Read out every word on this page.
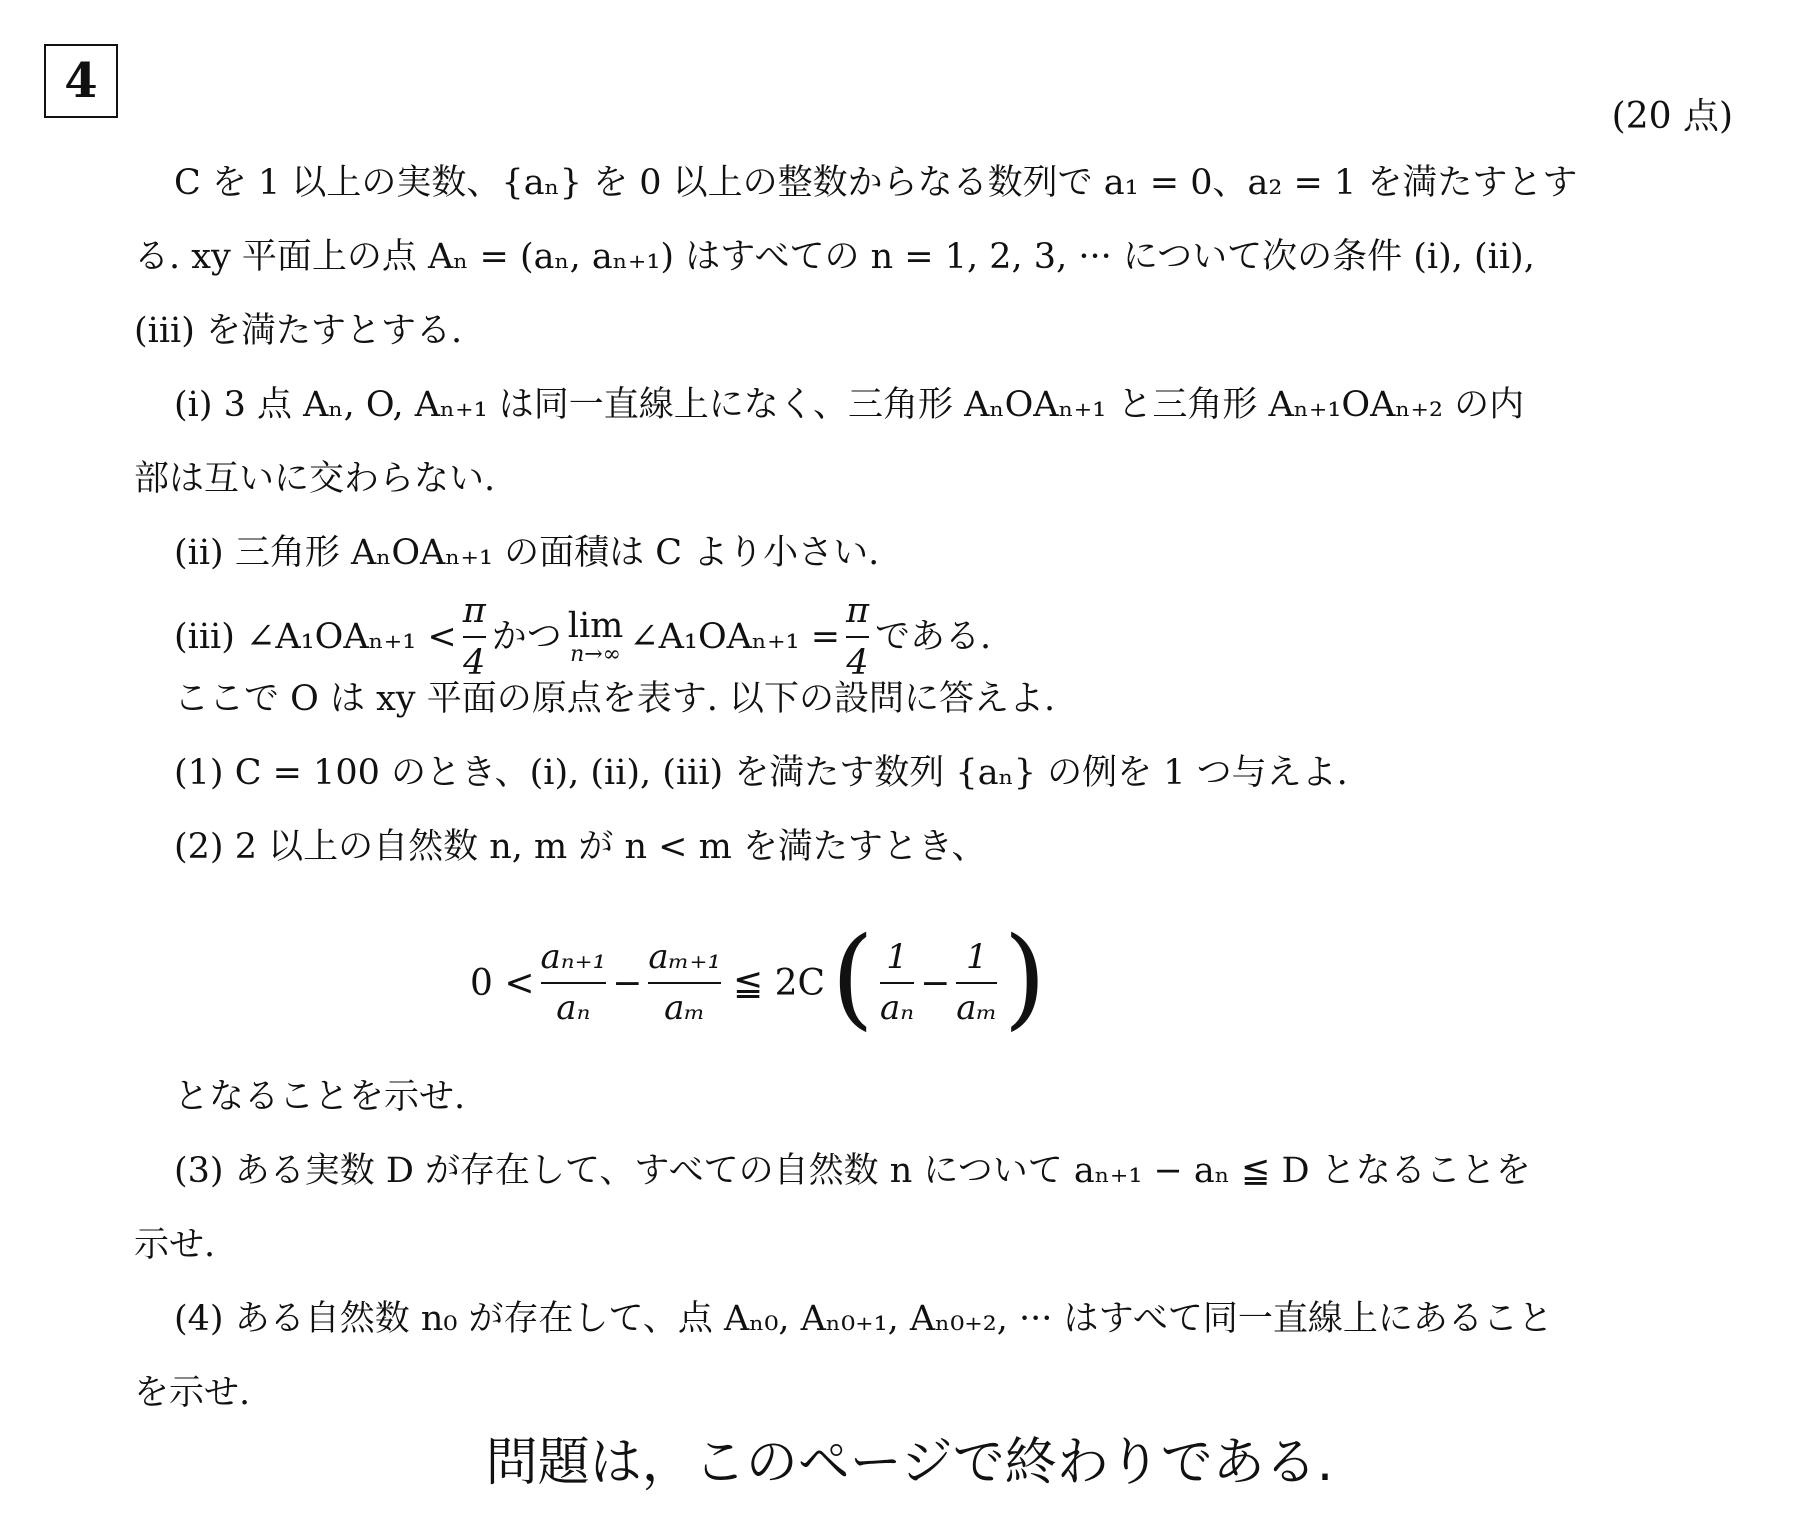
4
(20 点)
C を 1 以上の実数、{aₙ} を 0 以上の整数からなる数列で a₁ = 0、a₂ = 1 を満たすとす
る. xy 平面上の点 Aₙ = (aₙ, aₙ₊₁) はすべての n = 1, 2, 3, ··· について次の条件 (i), (ii),
(iii) を満たすとする.
(i) 3 点 Aₙ, O, Aₙ₊₁ は同一直線上になく、三角形 AₙOAₙ₊₁ と三角形 Aₙ₊₁OAₙ₊₂ の内
部は互いに交わらない.
(ii) 三角形 AₙOAₙ₊₁ の面積は C より小さい.
(iii) ∠A₁OAₙ₊₁ < $\frac{\pi}{4}$ かつ lim
n→∞ ∠A₁OAₙ₊₁ = $\frac{\pi}{4}$ である.
ここで O は xy 平面の原点を表す. 以下の設問に答えよ.
(1) C = 100 のとき、(i), (ii), (iii) を満たす数列 {aₙ} の例を 1 つ与えよ.
(2) 2 以上の自然数 n, m が n < m を満たすとき、
となることを示せ.
(3) ある実数 D が存在して、すべての自然数 n について aₙ₊₁ − aₙ ≦ D となることを
示せ.
(4) ある自然数 n₀ が存在して、点 Aₙ₀, Aₙ₀₊₁, Aₙ₀₊₂, ··· はすべて同一直線上にあること
を示せ.
$0 < \frac{\text{aₙ₊₁}}{\text{aₙ}} - \frac{\text{aₘ₊₁}}{\text{aₘ}}$ ≦ 2C ( $\frac{1}{\text{aₙ}} - \frac{1}{\text{aₘ}}$ )
問題は，このページで終わりである.
